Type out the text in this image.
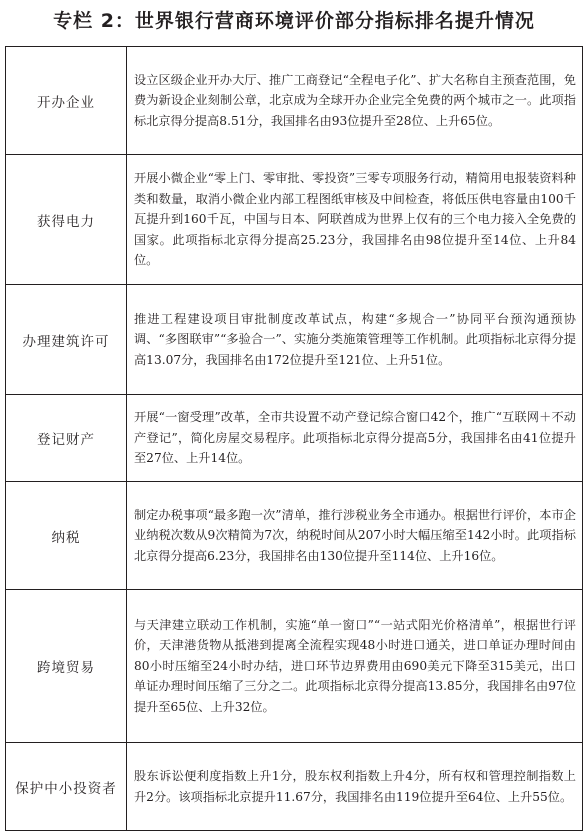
专栏 2：世界银行营商环境评价部分指标排名提升情况
开办企业	设立区级企业开办大厅、推广工商登记“全程电子化”、扩大名称自主预查范围，免费为新设企业刻制公章，北京成为全球开办企业完全免费的两个城市之一。此项指标北京得分提高8.51分，我国排名由93位提升至28位、上升65位。
获得电力	开展小微企业“零上门、零审批、零投资”三零专项服务行动，精简用电报装资料种类和数量，取消小微企业内部工程图纸审核及中间检查，将低压供电容量由100千瓦提升到160千瓦，中国与日本、阿联酋成为世界上仅有的三个电力接入全免费的国家。此项指标北京得分提高25.23分，我国排名由98位提升至14位、上升84位。
办理建筑许可	推进工程建设项目审批制度改革试点，构建“多规合一”协同平台预沟通预协调、“多图联审”“多验合一”、实施分类施策管理等工作机制。此项指标北京得分提高13.07分，我国排名由172位提升至121位、上升51位。
登记财产	开展“一窗受理”改革，全市共设置不动产登记综合窗口42个，推广“互联网＋不动产登记”，简化房屋交易程序。此项指标北京得分提高5分，我国排名由41位提升至27位、上升14位。
纳税	制定办税事项“最多跑一次”清单，推行涉税业务全市通办。根据世行评价，本市企业纳税次数从9次精简为7次，纳税时间从207小时大幅压缩至142小时。此项指标北京得分提高6.23分，我国排名由130位提升至114位、上升16位。
跨境贸易	与天津建立联动工作机制，实施“单一窗口”“一站式阳光价格清单”，根据世行评价，天津港货物从抵港到提离全流程实现48小时进口通关，进口单证办理时间由80小时压缩至24小时办结，进口环节边界费用由690美元下降至315美元，出口单证办理时间压缩了三分之二。此项指标北京得分提高13.85分，我国排名由97位提升至65位、上升32位。
保护中小投资者	股东诉讼便利度指数上升1分，股东权利指数上升4分，所有权和管理控制指数上升2分。该项指标北京提升11.67分，我国排名由119位提升至64位、上升55位。
